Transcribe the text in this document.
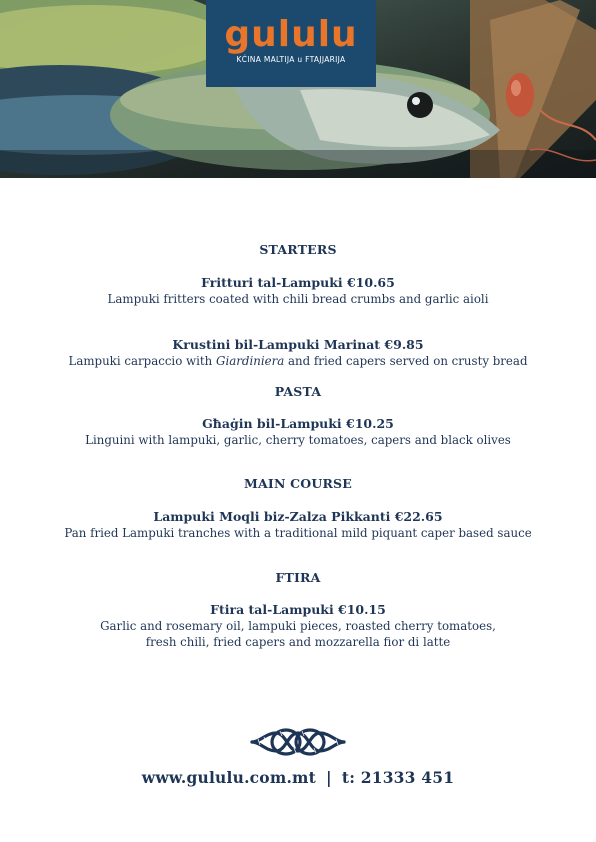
gululu
KĊINA MALTIJA u FTAJJARIJA

STARTERS

Fritturi tal-Lampuki €10.65

Lampuki fritters coated with chili bread crumbs and garlic aioli

Krustini bil-Lampuki Marinat €9.85

Lampuki carpaccio with Giardiniera and fried capers served on crusty bread

PASTA

Għaġin bil-Lampuki €10.25

Linguini with lampuki, garlic, cherry tomatoes, capers and black olives

MAIN COURSE

Lampuki Moqli biz-Zalza Pikkanti €22.65

Pan fried Lampuki tranches with a traditional mild piquant caper based sauce

FTIRA

Ftira tal-Lampuki €10.15

Garlic and rosemary oil, lampuki pieces, roasted cherry tomatoes,

fresh chili, fried capers and mozzarella fior di latte

www.gululu.com.mt | t: 21333 451
